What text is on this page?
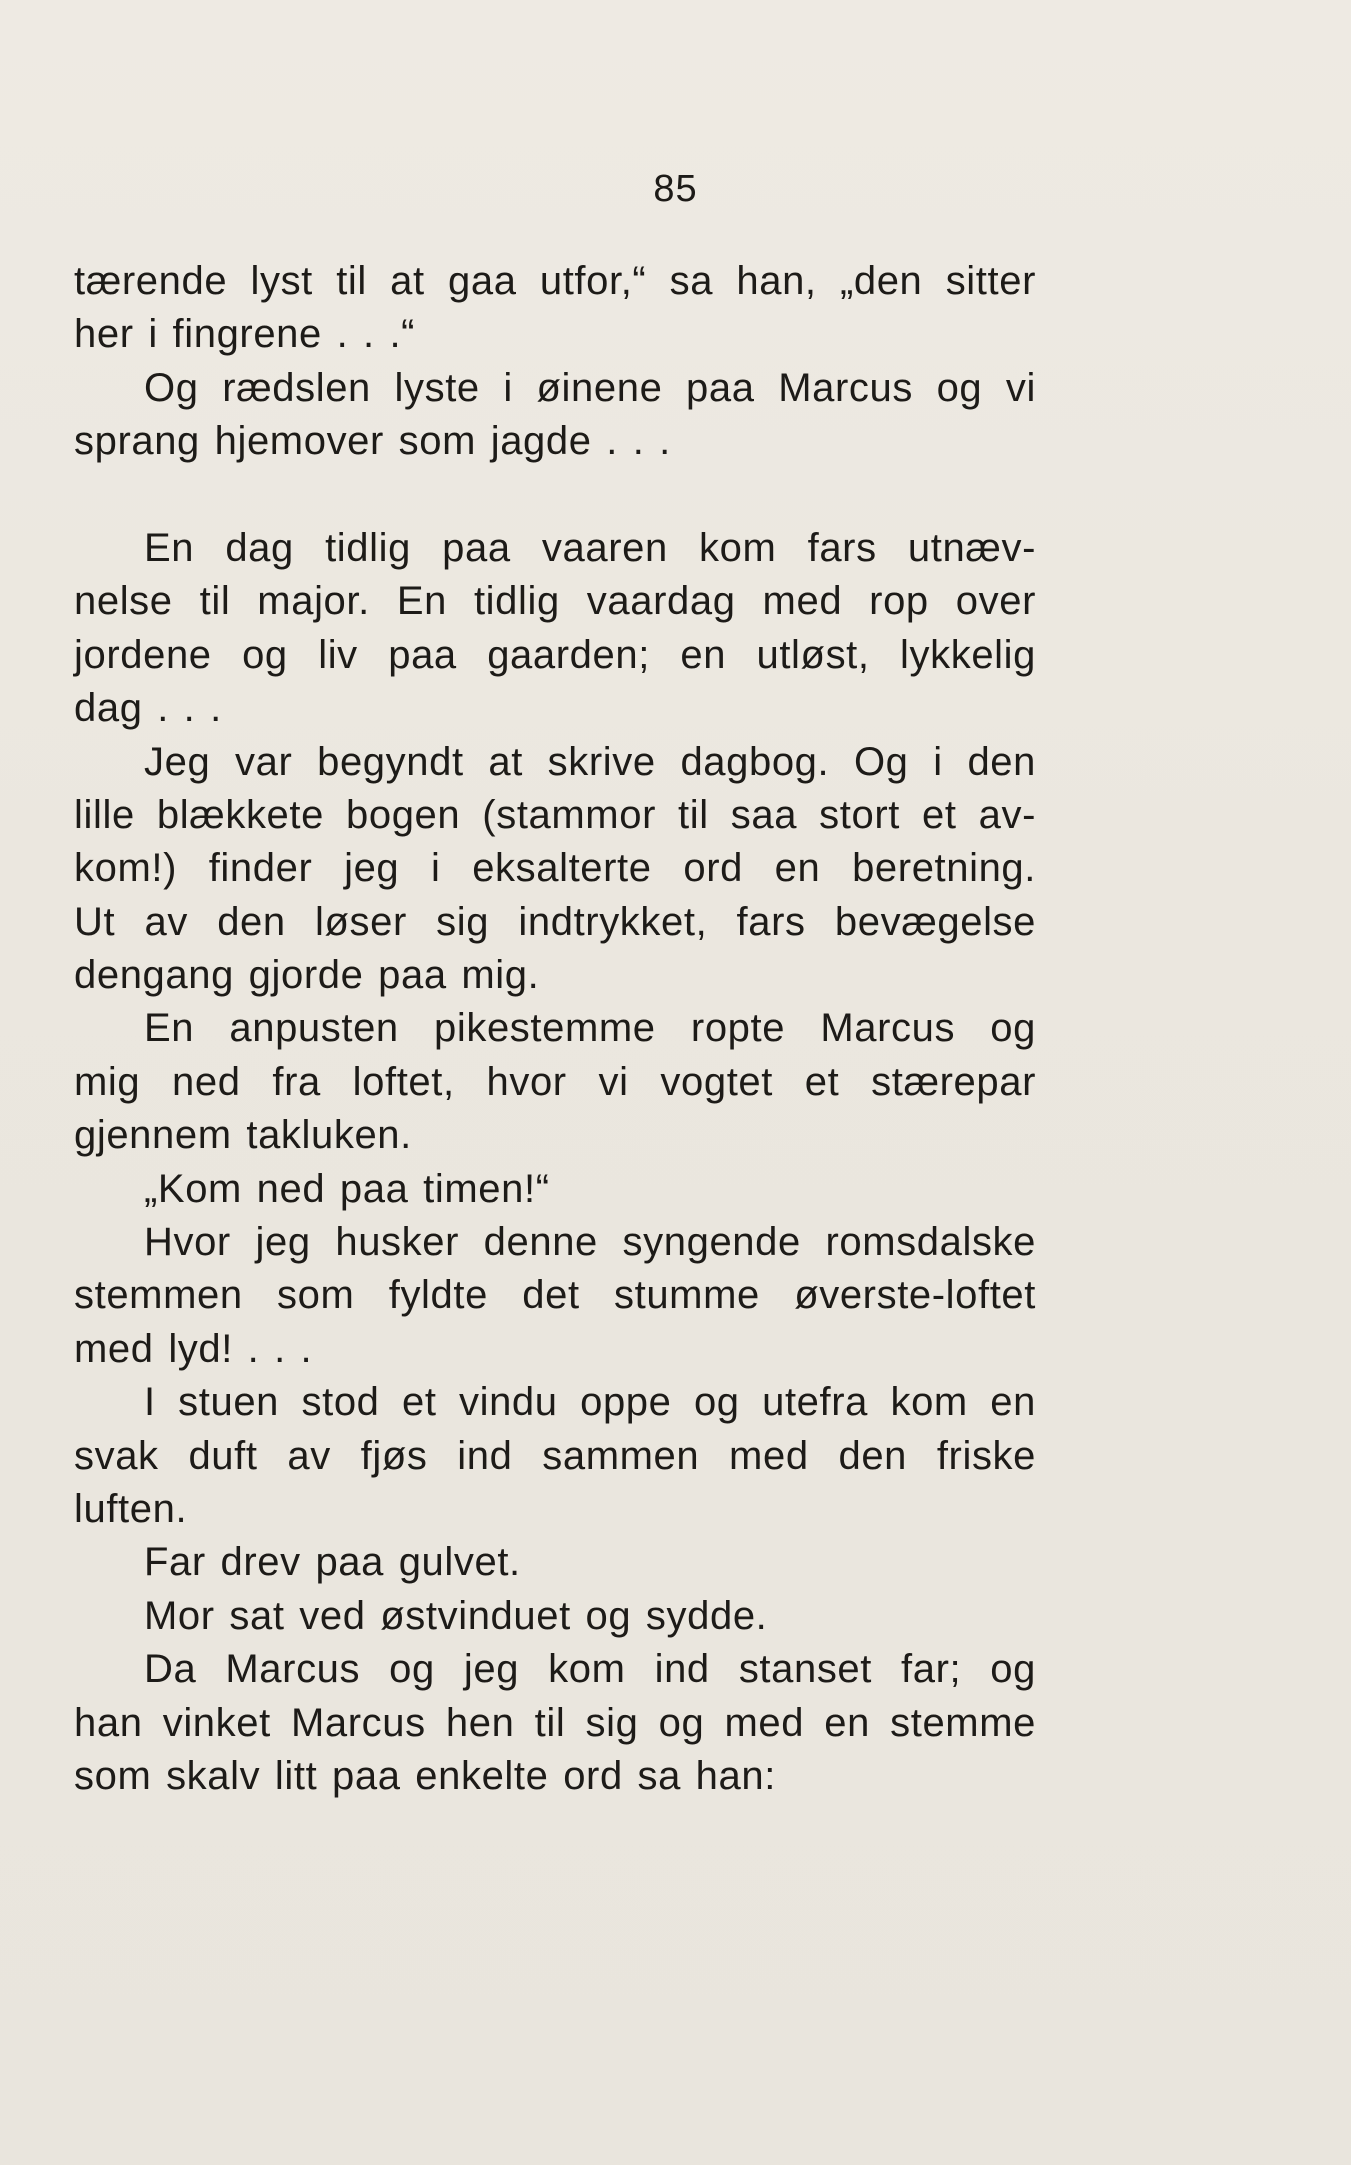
85
tærende lyst til at gaa utfor,“ sa han, „den sitter
her i fingrene . . .“
Og rædslen lyste i øinene paa Marcus og vi
sprang hjemover som jagde . . .
En dag tidlig paa vaaren kom fars utnæv-
nelse til major. En tidlig vaardag med rop over
jordene og liv paa gaarden; en utløst, lykkelig
dag . . .
Jeg var begyndt at skrive dagbog. Og i den
lille blækkete bogen (stammor til saa stort et av-
kom!) finder jeg i eksalterte ord en beretning.
Ut av den løser sig indtrykket, fars bevægelse
dengang gjorde paa mig.
En anpusten pikestemme ropte Marcus og
mig ned fra loftet, hvor vi vogtet et stærepar
gjennem takluken.
„Kom ned paa timen!“
Hvor jeg husker denne syngende romsdalske
stemmen som fyldte det stumme øverste-loftet
med lyd! . . .
I stuen stod et vindu oppe og utefra kom en
svak duft av fjøs ind sammen med den friske
luften.
Far drev paa gulvet.
Mor sat ved østvinduet og sydde.
Da Marcus og jeg kom ind stanset far; og
han vinket Marcus hen til sig og med en stemme
som skalv litt paa enkelte ord sa han:
